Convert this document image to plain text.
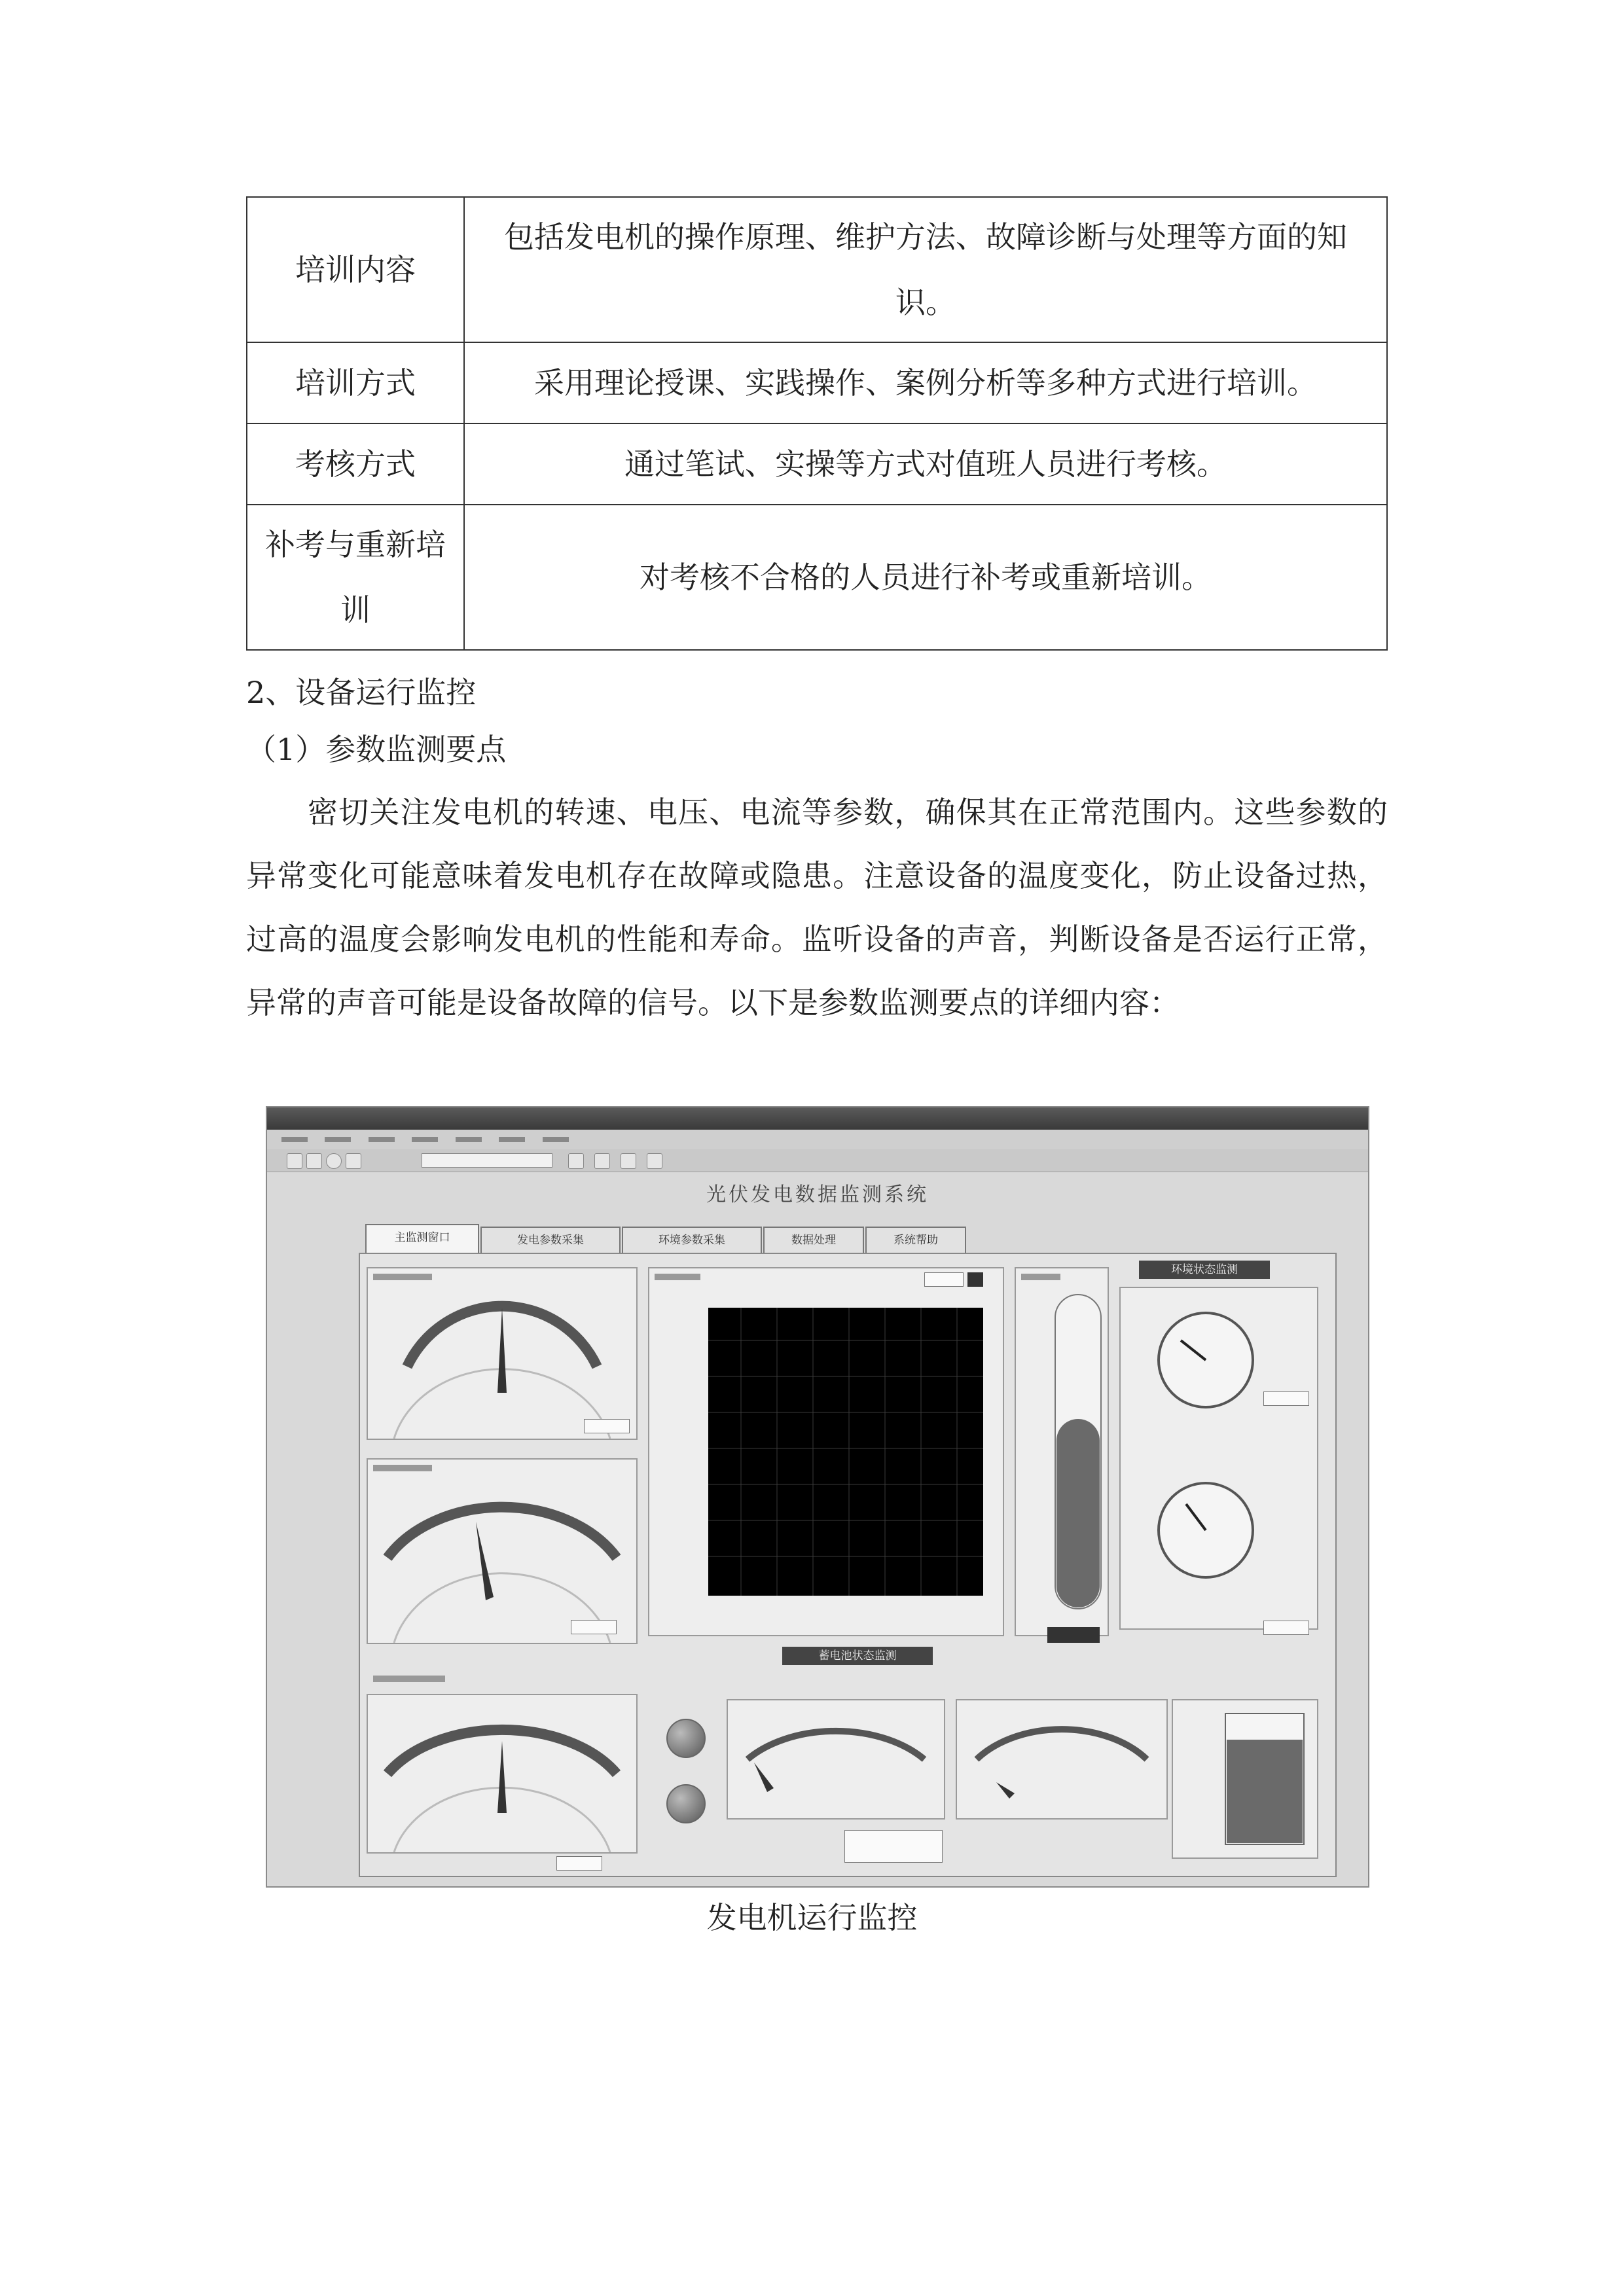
培训内容	包括发电机的操作原理、维护方法、故障诊断与处理等方面的知识。
培训方式	采用理论授课、实践操作、案例分析等多种方式进行培训。
考核方式	通过笔试、实操等方式对值班人员进行考核。
补考与重新培训	对考核不合格的人员进行补考或重新培训。
2、设备运行监控
（1）参数监测要点
密切关注发电机的转速、电压、电流等参数，确保其在正常范围内。这些参数的异常变化可能意味着发电机存在故障或隐患。注意设备的温度变化，防止设备过热，过高的温度会影响发电机的性能和寿命。监听设备的声音，判断设备是否运行正常，异常的声音可能是设备故障的信号。以下是参数监测要点的详细内容：

光伏发电数据监测系统
主监测窗口	发电参数采集	环境参数采集	数据处理	系统帮助
环境状态监测
蓄电池状态监测
发电机运行监控
